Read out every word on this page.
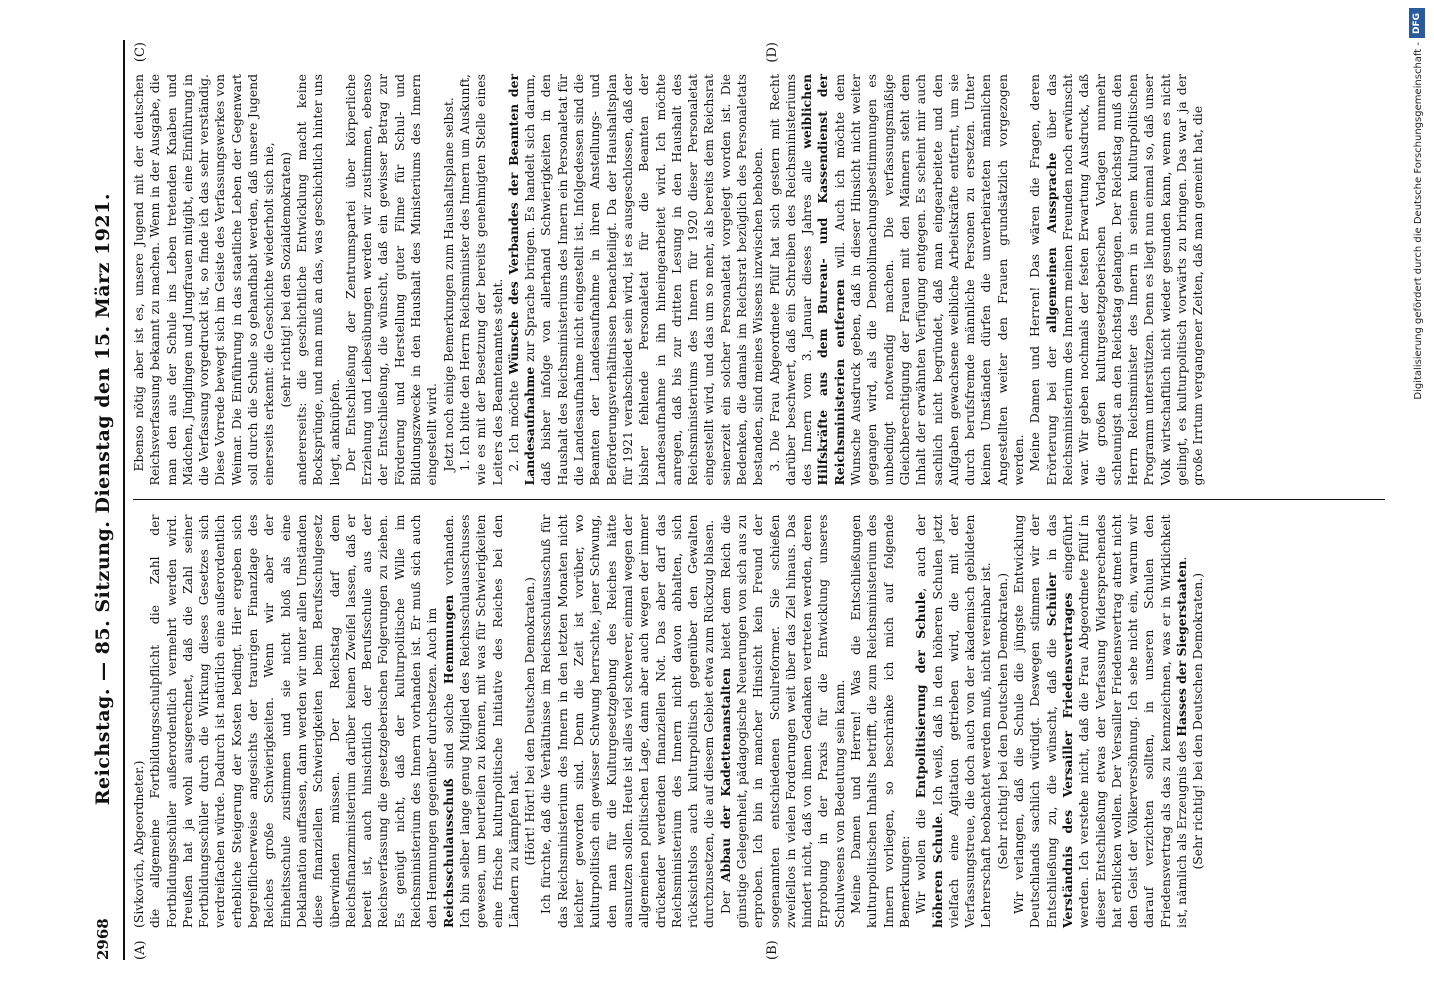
2968
Reichstag. — 85. Sitzung. Dienstag den 15. März 1921.
(A)	(B)

(Sivkovich, Abgeordneter.) die allgemeine Fortbildungsschulpflicht die Zahl der Fortbildungsschüler außerordentlich vermehrt werden wird. Preußen hat ja wohl ausgerechnet, daß die Zahl seiner Fortbildungsschüler durch die Wirkung dieses Gesetzes sich verdreifachen würde. Dadurch ist natürlich eine außerordentlich erhebliche Steigerung der Kosten bedingt. Hier ergeben sich begreiflicherweise angesichts der traurigen Finanzlage des Reiches große Schwierigkeiten. Wenn wir aber der Einheitsschule zustimmen und sie nicht bloß als eine Deklamation auffassen, dann werden wir unter allen Umständen diese finanziellen Schwierigkeiten beim Berufsschulgesetz überwinden müssen. Der Reichstag darf dem Reichsfinanzministerium darüber keinen Zweifel lassen, daß er bereit ist, auch hinsichtlich der Berufsschule aus der Reichsverfassung die gesetzgeberischen Folgerungen zu ziehen. Es genügt nicht, daß der kulturpolitische Wille im Reichsministerium des Innern vorhanden ist. Er muß sich auch den Hemmungen gegenüber durchsetzen. Auch im Reichsschulausschuß sind solche Hemmungen vorhanden. Ich bin selber lange genug Mitglied des Reichsschulausschusses gewesen, um beurteilen zu können, mit was für Schwierigkeiten eine frische kulturpolitische Initiative des Reiches bei den Ländern zu kämpfen hat. (Hört! Hört! bei den Deutschen Demokraten.) Ich fürchte, daß die Verhältnisse im Reichsschulausschuß für das Reichsministerium des Innern in den letzten Monaten nicht leichter geworden sind. Denn die Zeit ist vorüber, wo kulturpolitisch ein gewisser Schwung herrschte, jener Schwung, den man für die Kulturgesetzgebung des Reiches hätte ausnutzen sollen. Heute ist alles viel schwerer, einmal wegen der allgemeinen politischen Lage, dann aber auch wegen der immer drückender werdenden finanziellen Not. Das aber darf das Reichsministerium des Innern nicht davon abhalten, sich rücksichtslos auch kulturpolitisch gegenüber den Gewalten durchzusetzen, die auf diesem Gebiet etwa zum Rückzug blasen. Der Abbau der Kadettenanstalten bietet dem Reich die günstige Gelegenheit, pädagogische Neuerungen von sich aus zu erproben. Ich bin in mancher Hinsicht kein Freund der sogenannten entschiedenen Schulreformer. Sie schießen zweifellos in vielen Forderungen weit über das Ziel hinaus. Das hindert nicht, daß von ihnen Gedanken vertreten werden, deren Erprobung in der Praxis für die Entwicklung unseres Schulwesens von Bedeutung sein kann. Meine Damen und Herren! Was die Entschließungen kulturpolitischen Inhalts betrifft, die zum Reichsministerium des Innern vorliegen, so beschränke ich mich auf folgende Bemerkungen: Wir wollen die Entpolitisierung der Schule, auch der höheren Schule. Ich weiß, daß in den höheren Schulen jetzt vielfach eine Agitation getrieben wird, die mit der Verfassungstreue, die doch auch von der akademisch gebildeten Lehrerschaft beobachtet werden muß, nicht vereinbar ist. (Sehr richtig! bei den Deutschen Demokraten.) Wir verlangen, daß die Schule die jüngste Entwicklung Deutschlands sachlich würdigt. Deswegen stimmen wir der Entschließung zu, die wünscht, daß die Schüler in das Verständnis des Versailler Friedensvertrages eingeführt werden. Ich verstehe nicht, daß die Frau Abgeordnete Pfülf in dieser Entschließung etwas der Verfassung Widersprechendes hat erblicken wollen. Der Versailler Friedensvertrag atmet nicht den Geist der Völkerversöhnung. Ich sehe nicht ein, warum wir darauf verzichten sollten, in unseren Schulen den Friedensvertrag als das zu kennzeichnen, was er in Wirklichkeit ist, nämlich als Erzeugnis des Hasses der Siegerstaaten.

(Sehr richtig! bei den Deutschen Demokraten.)

(C)	(D)

Ebenso nötig aber ist es, unsere Jugend mit der deutschen Reichsverfassung bekannt zu machen. Wenn in der Ausgabe, die man den aus der Schule ins Leben tretenden Knaben und Mädchen, Jünglingen und Jungfrauen mitgibt, eine Einführung in die Verfassung vorgedruckt ist, so finde ich das sehr verständig. Diese Vorrede bewegt sich im Geiste des Verfassungswerkes von Weimar. Die Einführung in das staatliche Leben der Gegenwart soll durch die Schule so gehandhabt werden, daß unsere Jugend einerseits erkennt: die Geschichte wiederholt sich nie, (sehr richtig! bei den Sozialdemokraten) andererseits: die geschichtliche Entwicklung macht keine Bocksprünge, und man muß an das, was geschichtlich hinter uns liegt, anknüpfen. Der Entschließung der Zentrumspartei über körperliche Erziehung und Leibesübungen werden wir zustimmen, ebenso der Entschließung, die wünscht, daß ein gewisser Betrag zur Förderung und Herstellung guter Filme für Schul- und Bildungszwecke in den Haushalt des Ministeriums des Innern eingestellt wird. Jetzt noch einige Bemerkungen zum Haushaltsplane selbst. 1. Ich bitte den Herrn Reichsminister des Innern um Auskunft, wie es mit der Besetzung der bereits genehmigten Stelle eines Leiters des Beamtenamtes steht. 2. Ich möchte Wünsche des Verbandes der Beamten der Landesaufnahme zur Sprache bringen. Es handelt sich darum, daß bisher infolge von allerhand Schwierigkeiten in den Haushalt des Reichsministeriums des Innern ein Personaletat für die Landesaufnahme nicht eingestellt ist. Infolgedessen sind die Beamten der Landesaufnahme in ihren Anstellungs- und Beförderungsverhältnissen benachteiligt. Da der Haushaltsplan für 1921 verabschiedet sein wird, ist es ausgeschlossen, daß der bisher fehlende Personaletat für die Beamten der Landesaufnahme in ihn hineingearbeitet wird. Ich möchte anregen, daß bis zur dritten Lesung in den Haushalt des Reichsministeriums des Innern für 1920 dieser Personaletat eingestellt wird, und das um so mehr, als bereits dem Reichsrat seinerzeit ein solcher Personaletat vorgelegt worden ist. Die Bedenken, die damals im Reichsrat bezüglich des Personaletats bestanden, sind meines Wissens inzwischen behoben. 3. Die Frau Abgeordnete Pfülf hat sich gestern mit Recht darüber beschwert, daß ein Schreiben des Reichsministeriums des Innern vom 3. Januar dieses Jahres alle weiblichen Hilfskräfte aus dem Bureau- und Kassendienst der Reichsministerien entfernen will. Auch ich möchte dem Wunsche Ausdruck geben, daß in dieser Hinsicht nicht weiter gegangen wird, als die Demobilmachungsbestimmungen es unbedingt notwendig machen. Die verfassungsmäßige Gleichberechtigung der Frauen mit den Männern steht dem Inhalt der erwähnten Verfügung entgegen. Es scheint mir auch sachlich nicht begründet, daß man eingearbeitete und den Aufgaben gewachsene weibliche Arbeitskräfte entfernt, um sie durch berufsfremde männliche Personen zu ersetzen. Unter keinen Umständen dürfen die unverheirateten männlichen Angestellten weiter den Frauen grundsätzlich vorgezogen werden. Meine Damen und Herren! Das wären die Fragen, deren Erörterung bei der allgemeinen Aussprache über das Reichsministerium des Innern meinen Freunden noch erwünscht war. Wir geben nochmals der festen Erwartung Ausdruck, daß die großen kulturgesetzgeberischen Vorlagen nunmehr schleunigst an den Reichstag gelangen. Der Reichstag muß den Herrn Reichsminister des Innern in seinem kulturpolitischen Programm unterstützen. Denn es liegt nun einmal so, daß unser Volk wirtschaftlich nicht wieder gesunden kann, wenn es nicht gelingt, es kulturpolitisch vorwärts zu bringen. Das war ja der große Irrtum vergangener Zeiten, daß man gemeint hat, die

DFG
Digitalisierung gefördert durch die Deutsche Forschungsgemeinschaft -
